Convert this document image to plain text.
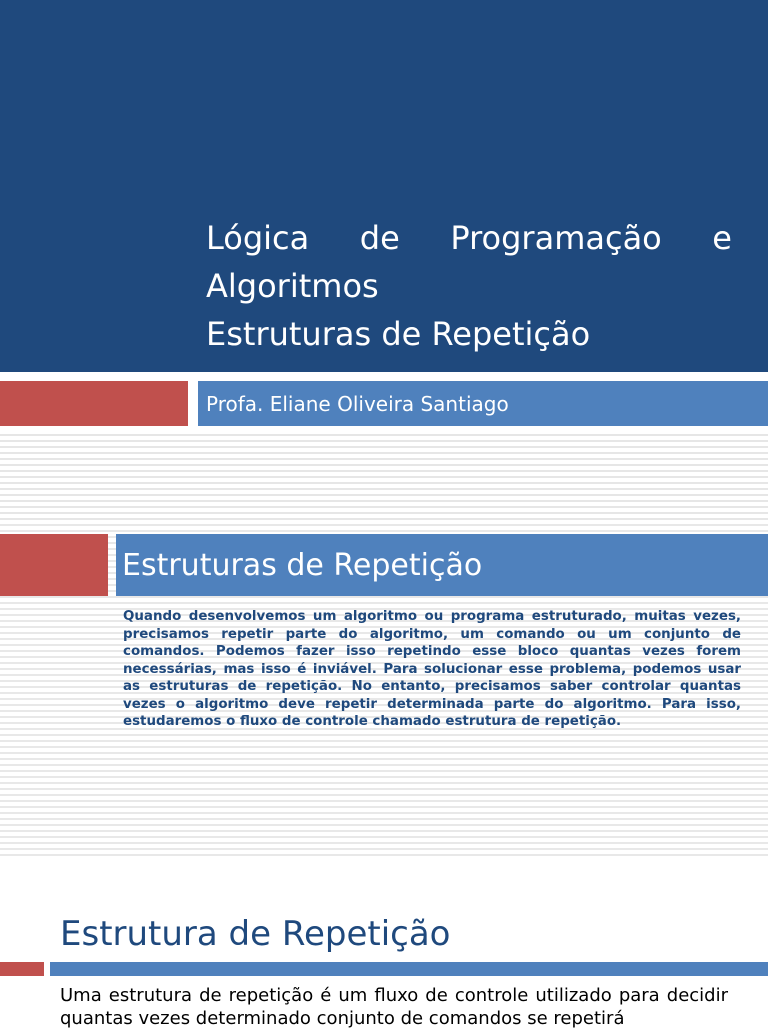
Lógica de Programação e
Algoritmos
Estruturas de Repetição
Profa. Eliane Oliveira Santiago
Estruturas de Repetição

Quando desenvolvemos um algoritmo ou programa estruturado, muitas vezes, precisamos repetir parte do algoritmo, um comando ou um conjunto de comandos. Podemos fazer isso repetindo esse bloco quantas vezes forem necessárias, mas isso é inviável. Para solucionar esse problema, podemos usar as estruturas de repetição. No entanto, precisamos saber controlar quantas vezes o algoritmo deve repetir determinada parte do algoritmo. Para isso, estudaremos o fluxo de controle chamado estrutura de repetição.

Estrutura de Repetição

Uma estrutura de repetição é um fluxo de controle utilizado para decidir quantas vezes determinado conjunto de comandos se repetirá
